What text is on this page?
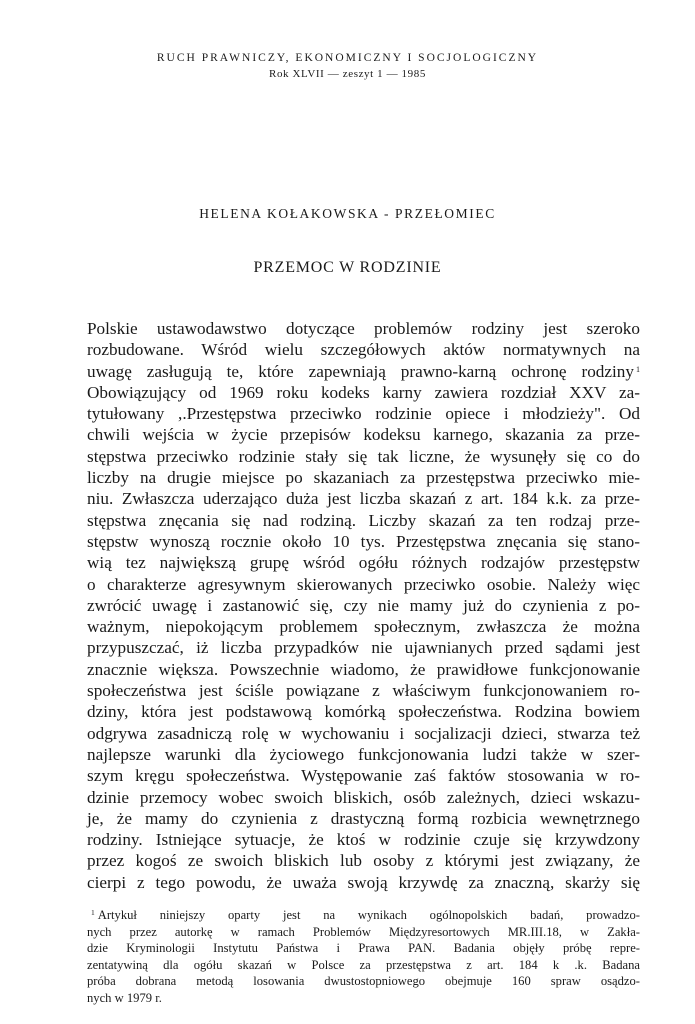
RUCH PRAWNICZY, EKONOMICZNY I SOCJOLOGICZNY
Rok XLVII — zeszyt 1 — 1985
HELENA KOŁAKOWSKA - PRZEŁOMIEC
PRZEMOC W RODZINIE
Polskie ustawodawstwo dotyczące problemów rodziny jest szeroko
rozbudowane. Wśród wielu szczegółowych aktów normatywnych na
uwagę zasługują te, które zapewniają prawno-karną ochronę rodziny $^1$
Obowiązujący od 1969 roku kodeks karny zawiera rozdział XXV za-
tytułowany ,.Przestępstwa przeciwko rodzinie opiece i młodzieży". Od
chwili wejścia w życie przepisów kodeksu karnego, skazania za prze-
stępstwa przeciwko rodzinie stały się tak liczne, że wysunęły się co do
liczby na drugie miejsce po skazaniach za przestępstwa przeciwko mie-
niu. Zwłaszcza uderzająco duża jest liczba skazań z art. 184 k.k. za prze-
stępstwa znęcania się nad rodziną. Liczby skazań za ten rodzaj prze-
stępstw wynoszą rocznie około 10 tys. Przestępstwa znęcania się stano-
wią tez największą grupę wśród ogółu różnych rodzajów przestępstw
o charakterze agresywnym skierowanych przeciwko osobie. Należy więc
zwrócić uwagę i zastanowić się, czy nie mamy już do czynienia z po-
ważnym, niepokojącym problemem społecznym, zwłaszcza że można
przypuszczać, iż liczba przypadków nie ujawnianych przed sądami jest
znacznie większa. Powszechnie wiadomo, że prawidłowe funkcjonowanie
społeczeństwa jest ściśle powiązane z właściwym funkcjonowaniem ro-
dziny, która jest podstawową komórką społeczeństwa. Rodzina bowiem
odgrywa zasadniczą rolę w wychowaniu i socjalizacji dzieci, stwarza też
najlepsze warunki dla życiowego funkcjonowania ludzi także w szer-
szym kręgu społeczeństwa. Występowanie zaś faktów stosowania w ro-
dzinie przemocy wobec swoich bliskich, osób zależnych, dzieci wskazu-
je, że mamy do czynienia z drastyczną formą rozbicia wewnętrznego
rodziny. Istniejące sytuacje, że ktoś w rodzinie czuje się krzywdzony
przez kogoś ze swoich bliskich lub osoby z którymi jest związany, że
cierpi z tego powodu, że uważa swoją krzywdę za znaczną, skarży się
$^1$ Artykuł niniejszy oparty jest na wynikach ogólnopolskich badań, prowadzo-
nych przez autorkę w ramach Problemów Międzyresortowych MR.III.18, w Zakła-
dzie Kryminologii Instytutu Państwa i Prawa PAN. Badania objęły próbę repre-
zentatywiną dla ogółu skazań w Polsce za przestępstwa z art. 184 k .k. Badana
próba dobrana metodą losowania dwustostopniowego obejmuje 160 spraw osądzo-
nych w 1979 r.
